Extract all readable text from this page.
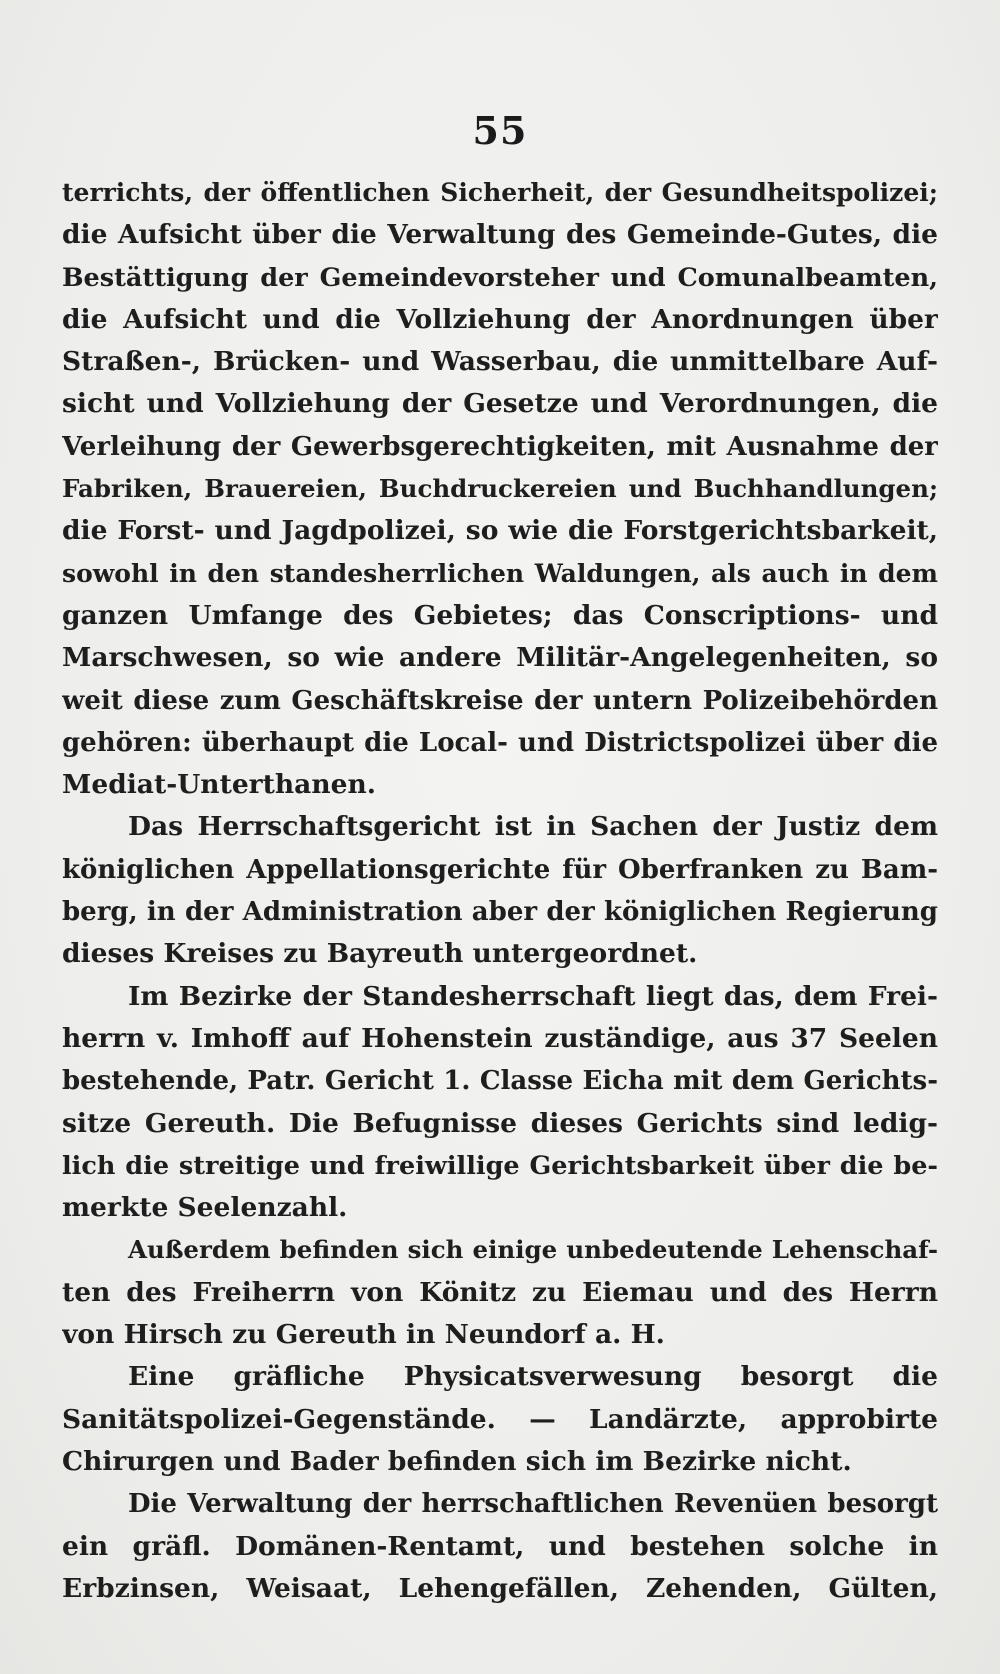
55
terrichts, der öffentlichen Sicherheit, der Gesundheitspolizei;
die Aufsicht über die Verwaltung des Gemeinde-Gutes, die
Bestättigung der Gemeindevorsteher und Comunalbeamten,
die Aufsicht und die Vollziehung der Anordnungen über
Straßen-, Brücken- und Wasserbau, die unmittelbare Auf-
sicht und Vollziehung der Gesetze und Verordnungen, die
Verleihung der Gewerbsgerechtigkeiten, mit Ausnahme der
Fabriken, Brauereien, Buchdruckereien und Buchhandlungen;
die Forst- und Jagdpolizei, so wie die Forstgerichtsbarkeit,
sowohl in den standesherrlichen Waldungen, als auch in dem
ganzen Umfange des Gebietes; das Conscriptions- und
Marschwesen, so wie andere Militär-Angelegenheiten, so
weit diese zum Geschäftskreise der untern Polizeibehörden
gehören: überhaupt die Local- und Districtspolizei über die
Mediat-Unterthanen.
Das Herrschaftsgericht ist in Sachen der Justiz dem
königlichen Appellationsgerichte für Oberfranken zu Bam-
berg, in der Administration aber der königlichen Regierung
dieses Kreises zu Bayreuth untergeordnet.
Im Bezirke der Standesherrschaft liegt das, dem Frei-
herrn v. Imhoff auf Hohenstein zuständige, aus 37 Seelen
bestehende, Patr. Gericht 1. Classe Eicha mit dem Gerichts-
sitze Gereuth. Die Befugnisse dieses Gerichts sind ledig-
lich die streitige und freiwillige Gerichtsbarkeit über die be-
merkte Seelenzahl.
Außerdem befinden sich einige unbedeutende Lehenschaf-
ten des Freiherrn von Könitz zu Eiemau und des Herrn
von Hirsch zu Gereuth in Neundorf a. H.
Eine gräfliche Physicatsverwesung besorgt die
Sanitätspolizei-Gegenstände. — Landärzte, approbirte
Chirurgen und Bader befinden sich im Bezirke nicht.
Die Verwaltung der herrschaftlichen Revenüen besorgt
ein gräfl. Domänen-Rentamt, und bestehen solche in
Erbzinsen, Weisaat, Lehengefällen, Zehenden, Gülten,
